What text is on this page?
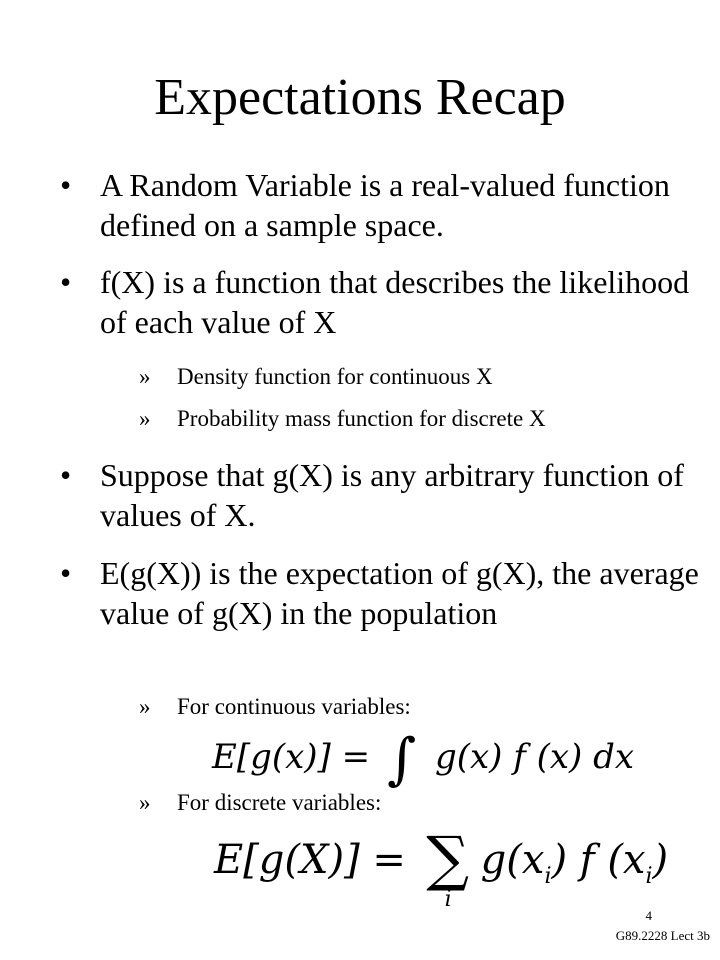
Expectations Recap
• A Random Variable is a real-valued function defined on a sample space.
• f(X) is a function that describes the likelihood of each value of X
»	Density function for continuous X
»	Probability mass function for discrete X
• Suppose that g(X) is any arbitrary function of values of X.
• E(g(X)) is the expectation of g(X), the average value of g(X) in the population
»	For continuous variables:
E[g(x)] = ∫ g(x) f (x) dx
»	For discrete variables:
E[g(X)] = ∑
i
$g(x_i)$ f $(x_i)$
4
G89.2228 Lect 3b
